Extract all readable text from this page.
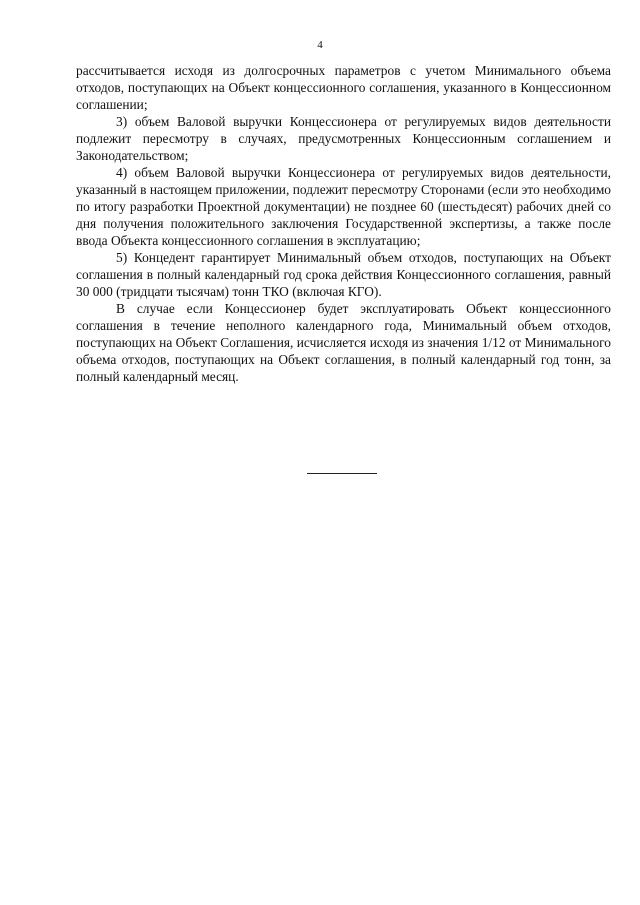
4

рассчитывается исходя из долгосрочных параметров с учетом Минимального объема отходов, поступающих на Объект концессионного соглашения, указанного в Концессионном соглашении;

3) объем Валовой выручки Концессионера от регулируемых видов деятельности подлежит пересмотру в случаях, предусмотренных Концессионным соглашением и Законодательством;

4) объем Валовой выручки Концессионера от регулируемых видов деятельности, указанный в настоящем приложении, подлежит пересмотру Сторонами (если это необходимо по итогу разработки Проектной документации) не позднее 60 (шестьдесят) рабочих дней со дня получения положительного заключения Государственной экспертизы, а также после ввода Объекта концессионного соглашения в эксплуатацию;

5) Концедент гарантирует Минимальный объем отходов, поступающих на Объект соглашения в полный календарный год срока действия Концессионного соглашения, равный 30 000 (тридцати тысячам) тонн ТКО (включая КГО).

В случае если Концессионер будет эксплуатировать Объект концессионного соглашения в течение неполного календарного года, Минимальный объем отходов, поступающих на Объект Соглашения, исчисляется исходя из значения 1/12 от Минимального объема отходов, поступающих на Объект соглашения, в полный календарный год тонн, за полный календарный месяц.
